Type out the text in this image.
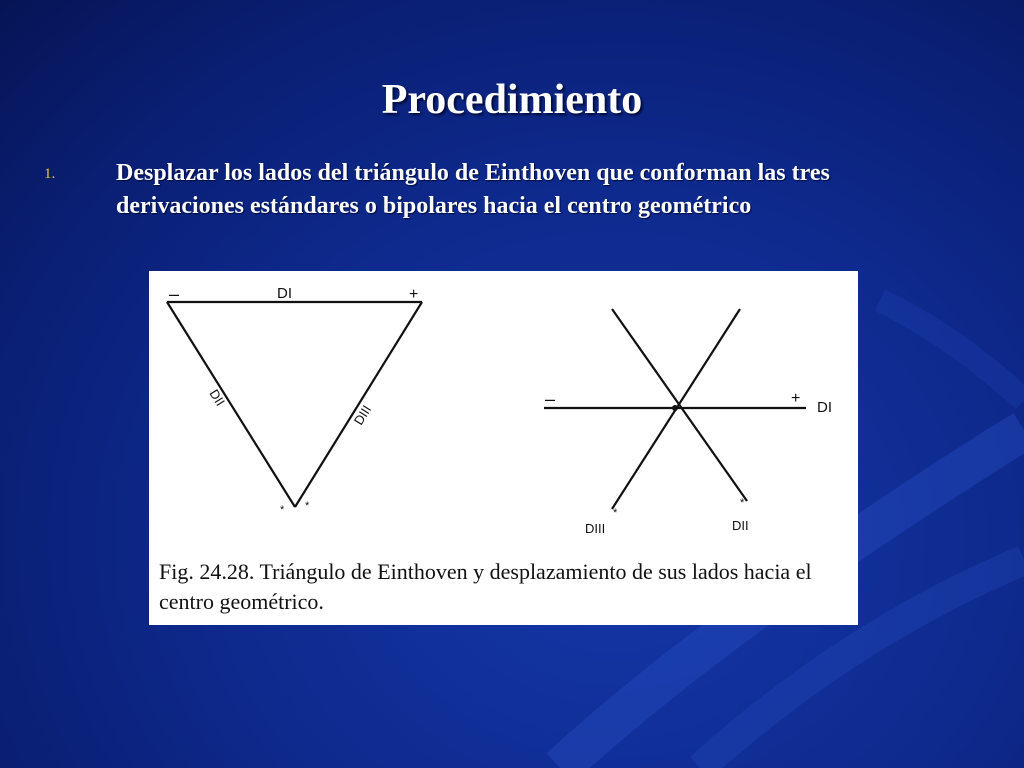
Procedimiento
1.	Desplazar los lados del triángulo de Einthoven que conforman las tres derivaciones estándares o bipolares hacia el centro geométrico
–	DI	+
DII
DIII
* *
–	+
DI
*
*
DIII	DII
Fig. 24.28. Triángulo de Einthoven y desplazamiento de sus lados hacia el centro geométrico.
